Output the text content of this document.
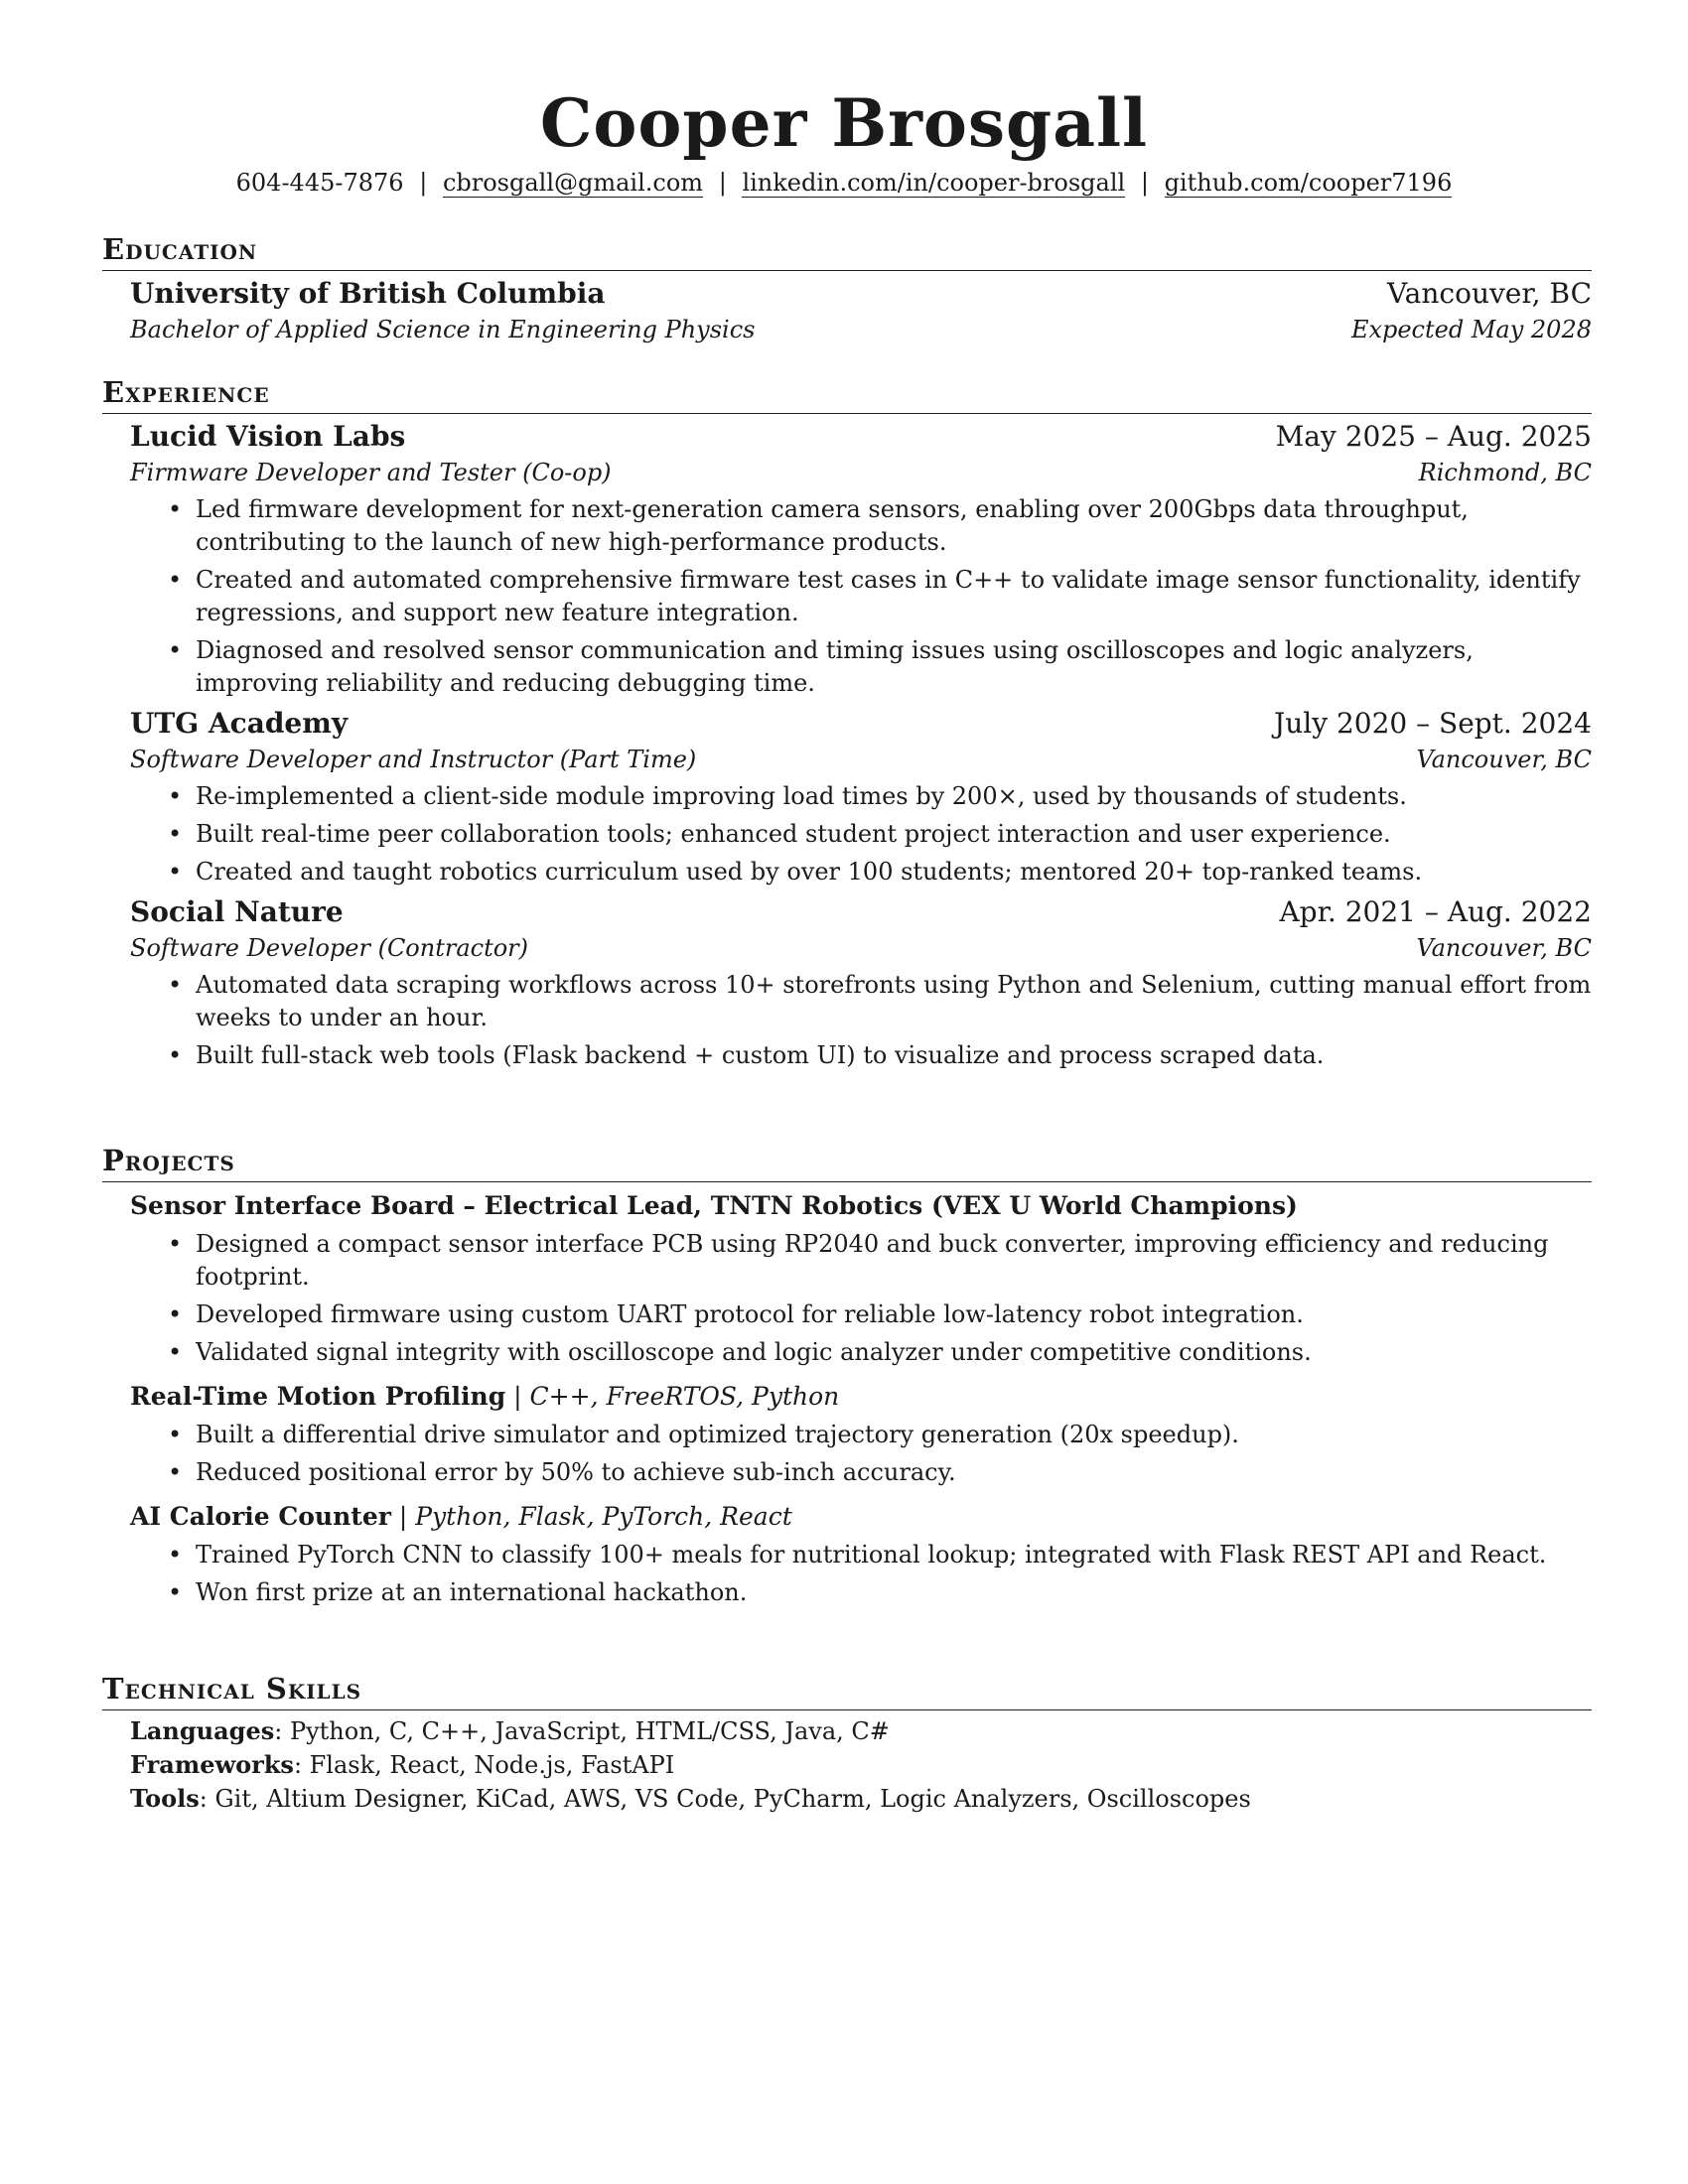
Cooper Brosgall
604-445-7876 | cbrosgall@gmail.com | linkedin.com/in/cooper-brosgall | github.com/cooper7196
Education
University of British Columbia	Vancouver, BC
Bachelor of Applied Science in Engineering Physics	Expected May 2028
Experience
Lucid Vision Labs	May 2025 – Aug. 2025
Firmware Developer and Tester (Co-op)	Richmond, BC
• Led firmware development for next-generation camera sensors, enabling over 200Gbps data throughput, contributing to the launch of new high-performance products.
• Created and automated comprehensive firmware test cases in C++ to validate image sensor functionality, identify regressions, and support new feature integration.
• Diagnosed and resolved sensor communication and timing issues using oscilloscopes and logic analyzers, improving reliability and reducing debugging time.
UTG Academy	July 2020 – Sept. 2024
Software Developer and Instructor (Part Time)	Vancouver, BC
• Re-implemented a client-side module improving load times by 200×, used by thousands of students.
• Built real-time peer collaboration tools; enhanced student project interaction and user experience.
• Created and taught robotics curriculum used by over 100 students; mentored 20+ top-ranked teams.
Social Nature	Apr. 2021 – Aug. 2022
Software Developer (Contractor)	Vancouver, BC
• Automated data scraping workflows across 10+ storefronts using Python and Selenium, cutting manual effort from weeks to under an hour.
• Built full-stack web tools (Flask backend + custom UI) to visualize and process scraped data.
Projects
Sensor Interface Board – Electrical Lead, TNTN Robotics (VEX U World Champions)
• Designed a compact sensor interface PCB using RP2040 and buck converter, improving efficiency and reducing footprint.
• Developed firmware using custom UART protocol for reliable low-latency robot integration.
• Validated signal integrity with oscilloscope and logic analyzer under competitive conditions.
Real-Time Motion Profiling | C++, FreeRTOS, Python
• Built a differential drive simulator and optimized trajectory generation (20x speedup).
• Reduced positional error by 50% to achieve sub-inch accuracy.
AI Calorie Counter | Python, Flask, PyTorch, React
• Trained PyTorch CNN to classify 100+ meals for nutritional lookup; integrated with Flask REST API and React.
• Won first prize at an international hackathon.
Technical Skills
Languages: Python, C, C++, JavaScript, HTML/CSS, Java, C#
Frameworks: Flask, React, Node.js, FastAPI
Tools: Git, Altium Designer, KiCad, AWS, VS Code, PyCharm, Logic Analyzers, Oscilloscopes
